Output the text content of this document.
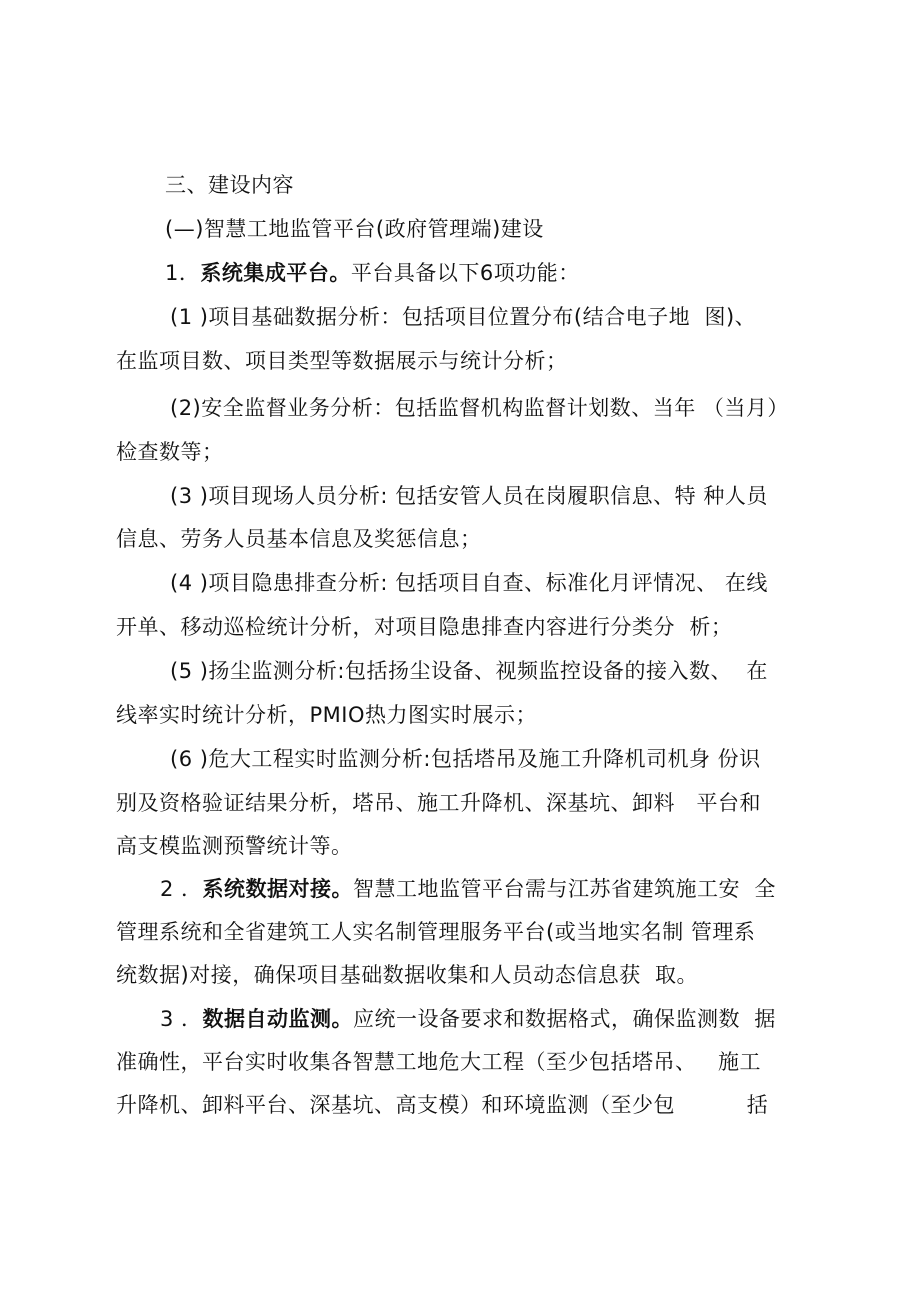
三、建设内容

(—)智慧工地监管平台(政府管理端)建设

1．系统集成平台。平台具备以下6项功能：

(1 )项目基础数据分析：包括项目位置分布(结合电子地  图)、

在监项目数、项目类型等数据展示与统计分析；

(2)安全监督业务分析：包括监督机构监督计划数、当年 （当月）

检查数等；

(3 )项目现场人员分析: 包括安管人员在岗履职信息、特 种人员

信息、劳务人员基本信息及奖惩信息；

(4 )项目隐患排查分析: 包括项目自查、标准化月评情况、 在线

开单、移动巡检统计分析，对项目隐患排查内容进行分类分  析；

(5 )扬尘监测分析:包括扬尘设备、视频监控设备的接入数、  在

线率实时统计分析，PMIO热力图实时展示；

(6 )危大工程实时监测分析:包括塔吊及施工升降机司机身 份识

别及资格验证结果分析，塔吊、施工升降机、深基坑、卸料   平台和

高支模监测预警统计等。

2 ．系统数据对接。智慧工地监管平台需与江苏省建筑施工安  全

管理系统和全省建筑工人实名制管理服务平台(或当地实名制 管理系

统数据)对接，确保项目基础数据收集和人员动态信息获  取。

3 ．数据自动监测。应统一设备要求和数据格式，确保监测数  据

准确性，平台实时收集各智慧工地危大工程（至少包括塔吊、   施工

升降机、卸料平台、深基坑、高支模）和环境监测（至少包          括
